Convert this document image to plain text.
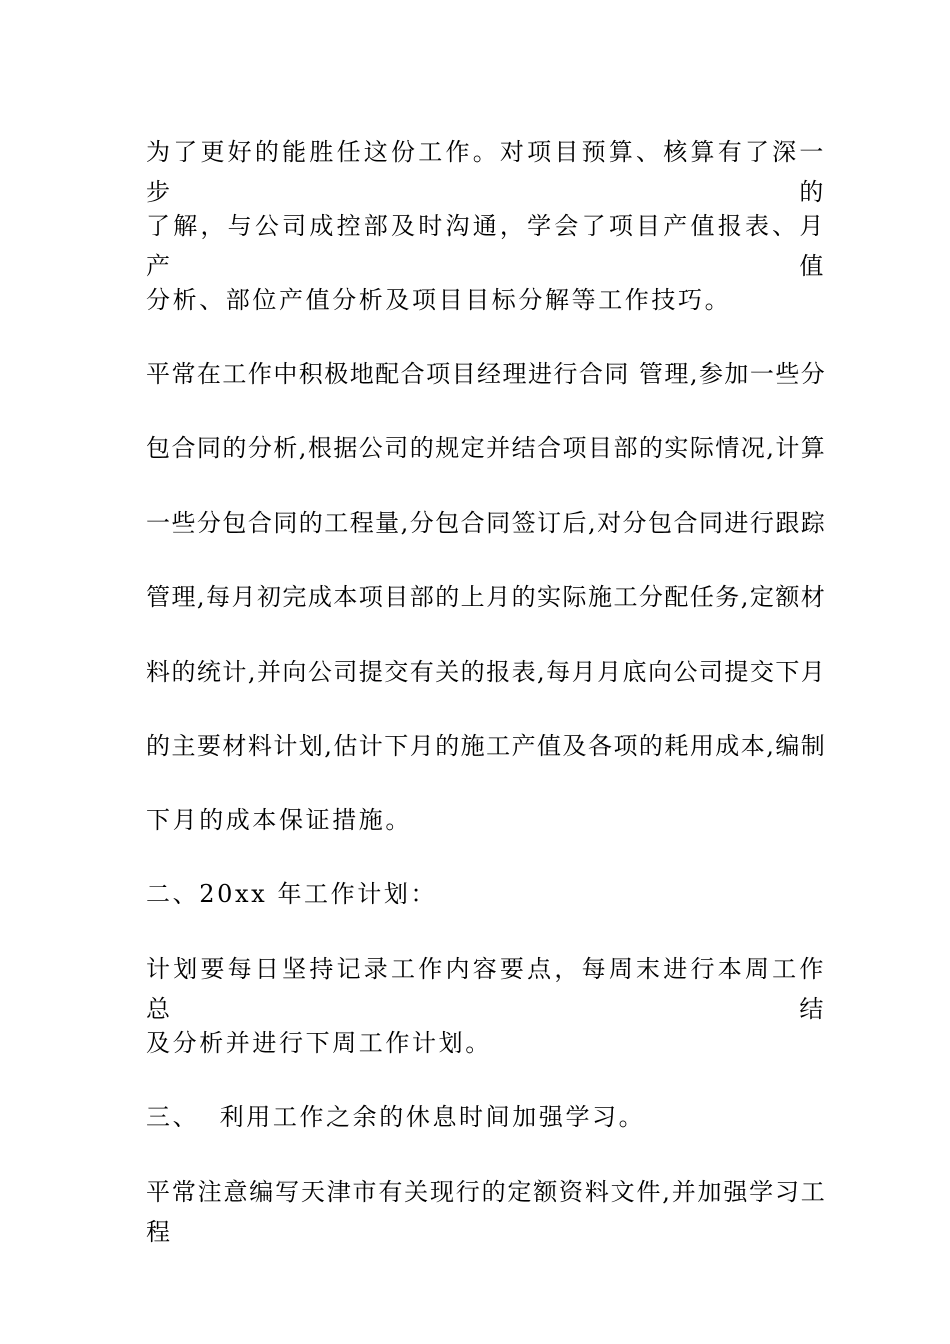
为了更好的能胜任这份工作。对项目预算、核算有了深一步的
了解，与公司成控部及时沟通，学会了项目产值报表、月产值
分析、部位产值分析及项目目标分解等工作技巧。
平常在工作中积极地配合项目经理进行合同 管理,参加一些分
包合同的分析,根据公司的规定并结合项目部的实际情况,计算
一些分包合同的工程量,分包合同签订后,对分包合同进行跟踪
管理,每月初完成本项目部的上月的实际施工分配任务,定额材
料的统计,并向公司提交有关的报表,每月月底向公司提交下月
的主要材料计划,估计下月的施工产值及各项的耗用成本,编制
下月的成本保证措施。
二、20xx 年工作计划：
计划要每日坚持记录工作内容要点，每周末进行本周工作总结
及分析并进行下周工作计划。
三、  利用工作之余的休息时间加强学习。
平常注意编写天津市有关现行的定额资料文件,并加强学习工程
